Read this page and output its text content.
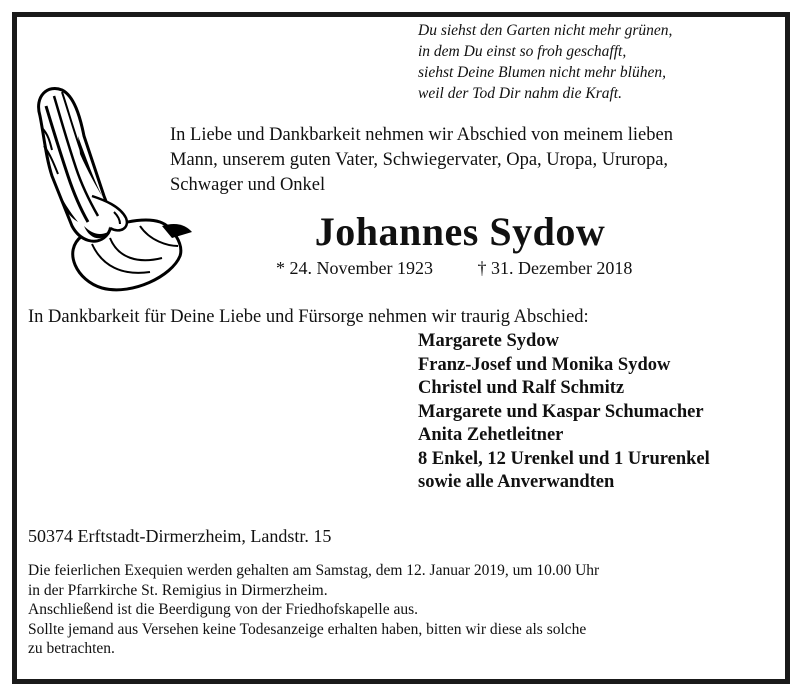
Du siehst den Garten nicht mehr grünen,
in dem Du einst so froh geschafft,
siehst Deine Blumen nicht mehr blühen,
weil der Tod Dir nahm die Kraft.
In Liebe und Dankbarkeit nehmen wir Abschied von meinem lieben
Mann, unserem guten Vater, Schwiegervater, Opa, Uropa, Ururopa,
Schwager und Onkel
Johannes Sydow
* 24. November 1923 † 31. Dezember 2018
In Dankbarkeit für Deine Liebe und Fürsorge nehmen wir traurig Abschied:
Margarete Sydow
Franz-Josef und Monika Sydow
Christel und Ralf Schmitz
Margarete und Kaspar Schumacher
Anita Zehetleitner
8 Enkel, 12 Urenkel und 1 Ururenkel
sowie alle Anverwandten
50374 Erftstadt-Dirmerzheim, Landstr. 15
Die feierlichen Exequien werden gehalten am Samstag, dem 12. Januar 2019, um 10.00 Uhr
in der Pfarrkirche St. Remigius in Dirmerzheim.
Anschließend ist die Beerdigung von der Friedhofskapelle aus.
Sollte jemand aus Versehen keine Todesanzeige erhalten haben, bitten wir diese als solche
zu betrachten.
